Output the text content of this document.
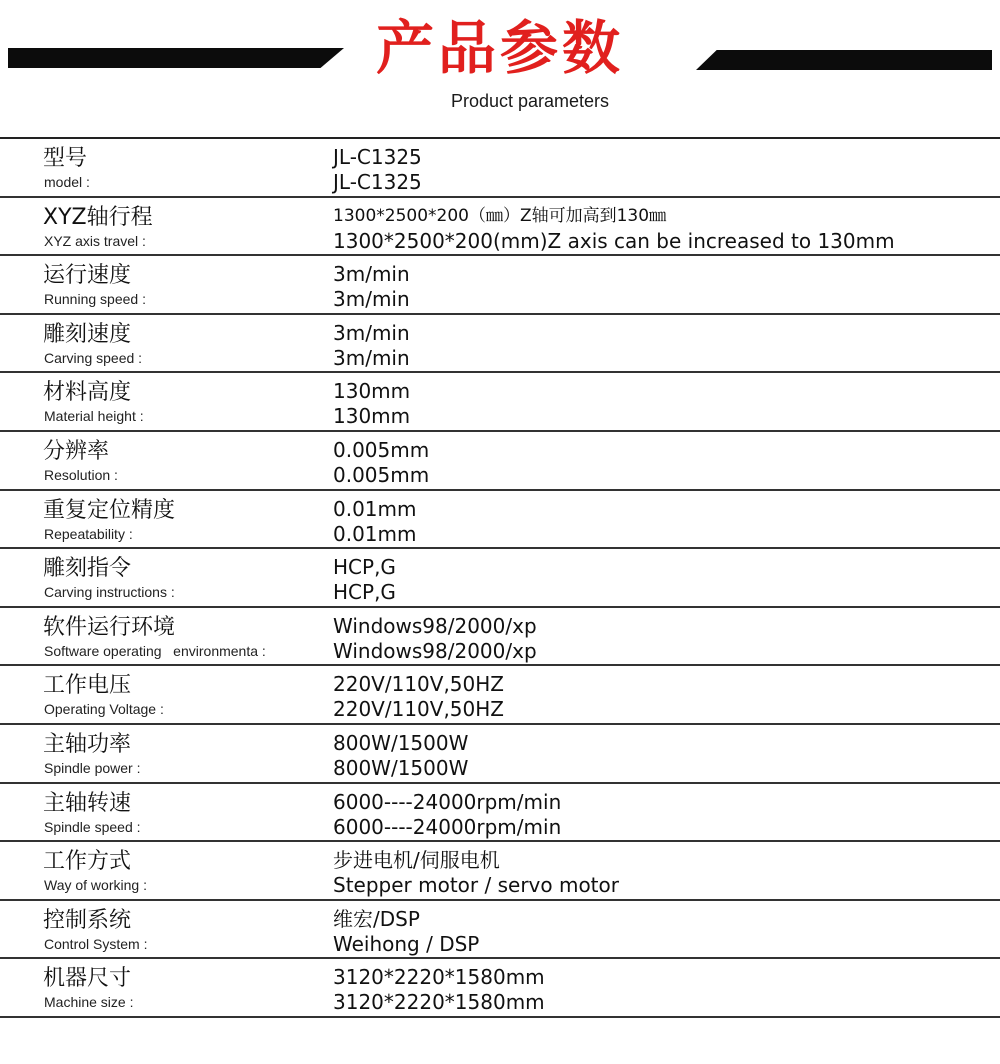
产品参数
Product parameters
型号
model :
JL-C1325
JL-C1325
XYZ轴行程
XYZ axis travel :
1300*2500*200（㎜）Z轴可加高到130㎜
1300*2500*200(mm)Z axis can be increased to 130mm
运行速度
Running speed :
3m/min
3m/min
雕刻速度
Carving speed :
3m/min
3m/min
材料高度
Material height :
130mm
130mm
分辨率
Resolution :
0.005mm
0.005mm
重复定位精度
Repeatability :
0.01mm
0.01mm
雕刻指令
Carving instructions :
HCP,G
HCP,G
软件运行环境
Software operating   environmenta :
Windows98/2000/xp
Windows98/2000/xp
工作电压
Operating Voltage :
220V/110V,50HZ
220V/110V,50HZ
主轴功率
Spindle power :
800W/1500W
800W/1500W
主轴转速
Spindle speed :
6000----24000rpm/min
6000----24000rpm/min
工作方式
Way of working :
步进电机/伺服电机
Stepper motor / servo motor
控制系统
Control System :
维宏/DSP
Weihong / DSP
机器尺寸
Machine size :
3120*2220*1580mm
3120*2220*1580mm
